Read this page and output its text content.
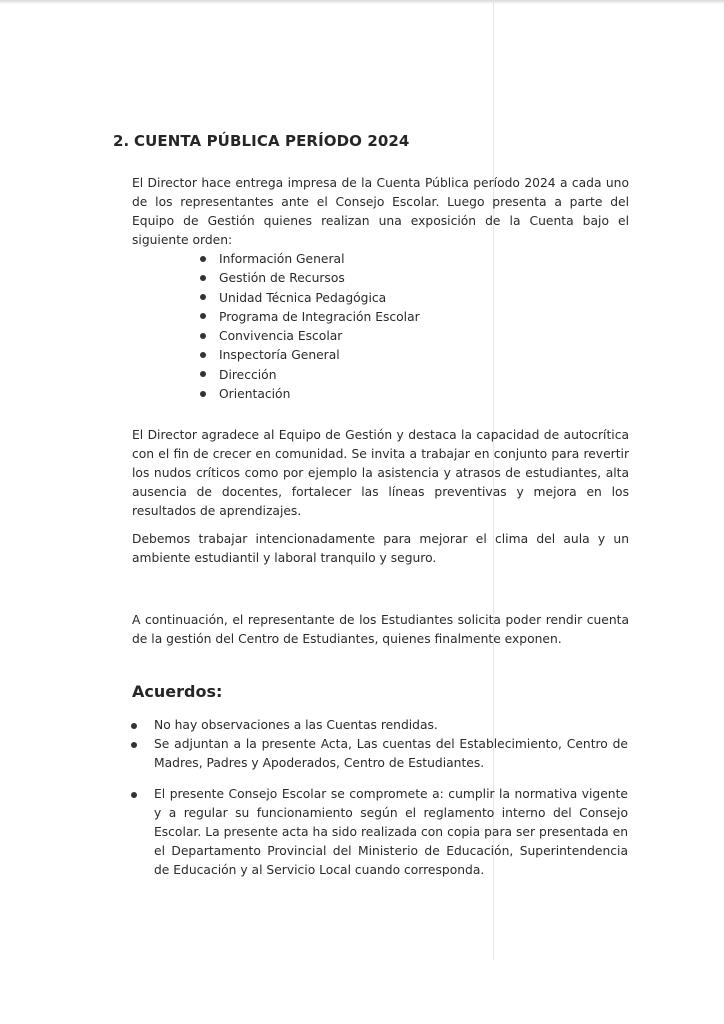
2. CUENTA PÚBLICA PERÍODO 2024

El Director hace entrega impresa de la Cuenta Pública período 2024 a cada uno de los representantes ante el Consejo Escolar. Luego presenta a parte del Equipo de Gestión quienes realizan una exposición de la Cuenta bajo el siguiente orden:

Información General
Gestión de Recursos
Unidad Técnica Pedagógica
Programa de Integración Escolar
Convivencia Escolar
Inspectoría General
Dirección
Orientación

El Director agradece al Equipo de Gestión y destaca la capacidad de autocrítica con el fin de crecer en comunidad. Se invita a trabajar en conjunto para revertir los nudos críticos como por ejemplo la asistencia y atrasos de estudiantes, alta ausencia de docentes, fortalecer las líneas preventivas y mejora en los resultados de aprendizajes.

Debemos trabajar intencionadamente para mejorar el clima del aula y un ambiente estudiantil y laboral tranquilo y seguro.

A continuación, el representante de los Estudiantes solicita poder rendir cuenta de la gestión del Centro de Estudiantes, quienes finalmente exponen.

Acuerdos:
No hay observaciones a las Cuentas rendidas.
Se adjuntan a la presente Acta, Las cuentas del Establecimiento, Centro de Madres, Padres y Apoderados, Centro de Estudiantes.
El presente Consejo Escolar se compromete a: cumplir la normativa vigente y a regular su funcionamiento según el reglamento interno del Consejo Escolar. La presente acta ha sido realizada con copia para ser presentada en el Departamento Provincial del Ministerio de Educación, Superintendencia de Educación y al Servicio Local cuando corresponda.
